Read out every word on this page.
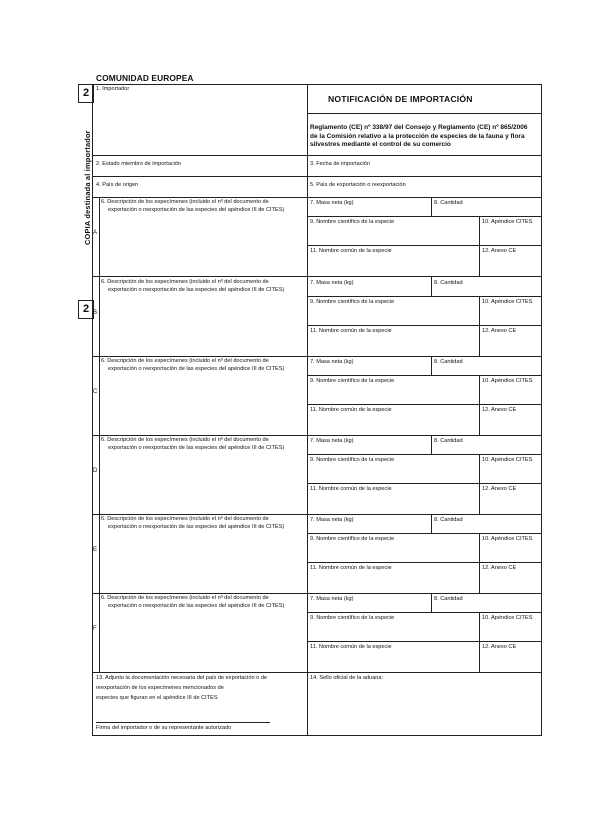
COMUNIDAD EUROPEA
2
2
COPIA destinada al importador
1. Importador
NOTIFICACIÓN DE IMPORTACIÓN
Reglamento (CE) nº 338/97 del Consejo y Reglamento (CE) nº 865/2006
de la Comisión relativo a la protección de especies de la fauna y flora
silvestres mediante el control de su comercio
2. Estado miembro de importación	3. Fecha de importación
4. País de origen	5. País de exportación o reexportación
6. Descripción de los especímenes (incluido el nº del documento de
exportación o reexportación de las especies del apéndice III de CITES)
7. Masa neta (kg)	8. Cantidad
9. Nombre científico de la especie	10. Apéndice CITES
11. Nombre común de la especie	12. Anexo CE
A
6. Descripción de los especímenes (incluido el nº del documento de
exportación o reexportación de las especies del apéndice III de CITES)
7. Masa neta (kg)	8. Cantidad
9. Nombre científico de la especie	10. Apéndice CITES
11. Nombre común de la especie	12. Anexo CE
B
6. Descripción de los especímenes (incluido el nº del documento de
exportación o reexportación de las especies del apéndice III de CITES)
7. Masa neta (kg)	8. Cantidad
9. Nombre científico de la especie	10. Apéndice CITES
11. Nombre común de la especie	12. Anexo CE
C
6. Descripción de los especímenes (incluido el nº del documento de
exportación o reexportación de las especies del apéndice III de CITES)
7. Masa neta (kg)	8. Cantidad
9. Nombre científico de la especie	10. Apéndice CITES
11. Nombre común de la especie	12. Anexo CE
D
6. Descripción de los especímenes (incluido el nº del documento de
exportación o reexportación de las especies del apéndice III de CITES)
7. Masa neta (kg)	8. Cantidad
9. Nombre científico de la especie	10. Apéndice CITES
11. Nombre común de la especie	12. Anexo CE
E
6. Descripción de los especímenes (incluido el nº del documento de
exportación o reexportación de las especies del apéndice III de CITES)
7. Masa neta (kg)	8. Cantidad
9. Nombre científico de la especie	10. Apéndice CITES
11. Nombre común de la especie	12. Anexo CE
F
13. Adjunto la documentación necesaria del país de exportación o de
reexportación de los especímenes mencionados de
especies que figuran en el apéndice III de CITES
Firma del importador o de su representante autorizado
14. Sello oficial de la aduana:
